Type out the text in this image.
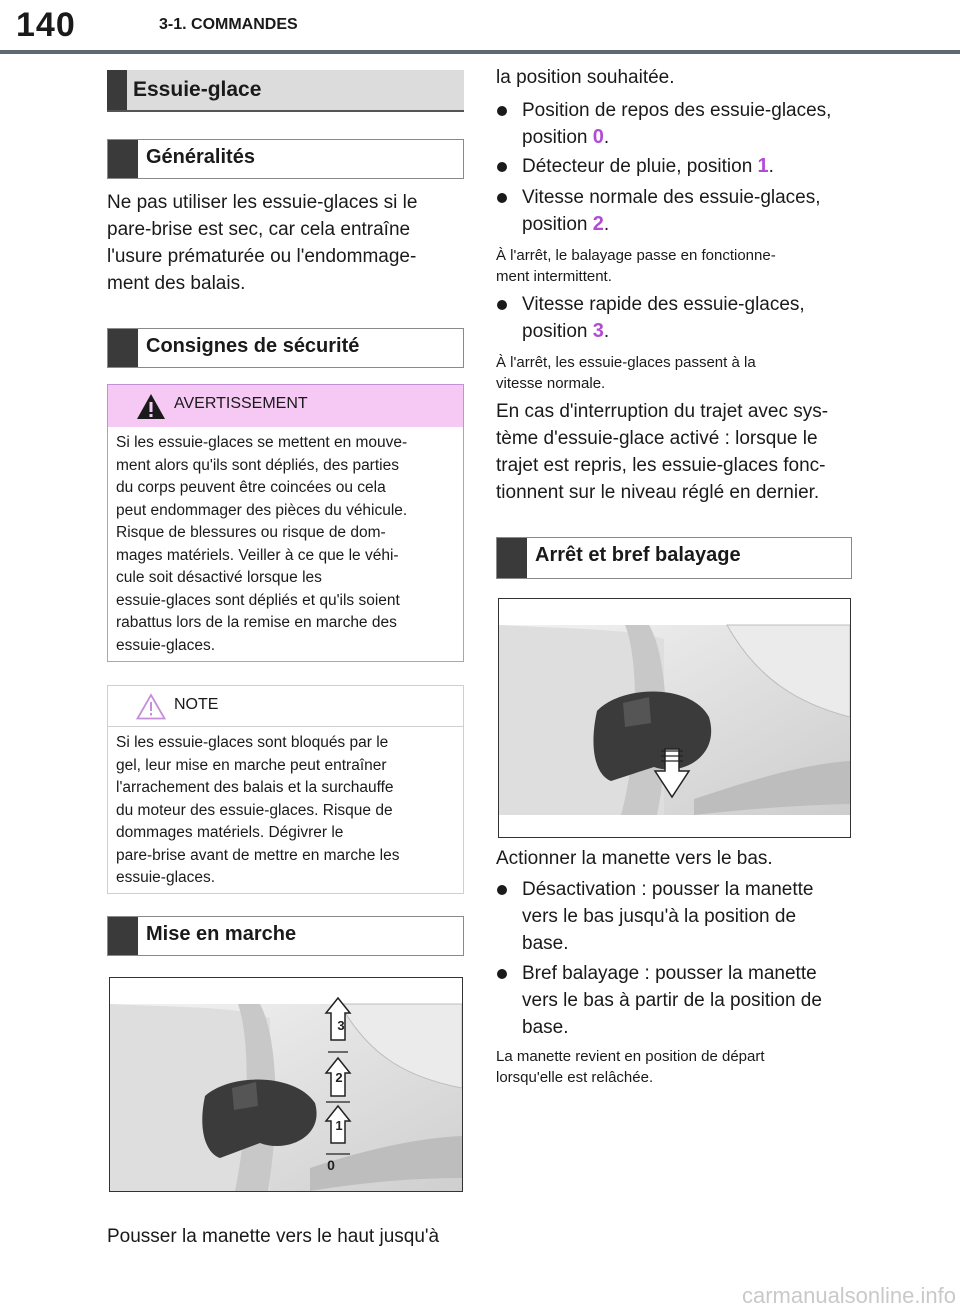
140	3-1. COMMANDES
Essuie-glace
Généralités
Ne pas utiliser les essuie-glaces si le
pare-brise est sec, car cela entraîne
l'usure prématurée ou l'endommage-
ment des balais.
Consignes de sécurité
AVERTISSEMENT
Si les essuie-glaces se mettent en mouve-
ment alors qu'ils sont dépliés, des parties
du corps peuvent être coincées ou cela
peut endommager des pièces du véhicule.
Risque de blessures ou risque de dom-
mages matériels. Veiller à ce que le véhi-
cule soit désactivé lorsque les
essuie-glaces sont dépliés et qu'ils soient
rabattus lors de la remise en marche des
essuie-glaces.
NOTE
Si les essuie-glaces sont bloqués par le
gel, leur mise en marche peut entraîner
l'arrachement des balais et la surchauffe
du moteur des essuie-glaces. Risque de
dommages matériels. Dégivrer le
pare-brise avant de mettre en marche les
essuie-glaces.
Mise en marche
3
2
1
0
Pousser la manette vers le haut jusqu'à
la position souhaitée.
Position de repos des essuie-glaces,
position 0.
Détecteur de pluie, position 1.
Vitesse normale des essuie-glaces,
position 2.
À l'arrêt, le balayage passe en fonctionne-
ment intermittent.
Vitesse rapide des essuie-glaces,
position 3.
À l'arrêt, les essuie-glaces passent à la
vitesse normale.
En cas d'interruption du trajet avec sys-
tème d'essuie-glace activé : lorsque le
trajet est repris, les essuie-glaces fonc-
tionnent sur le niveau réglé en dernier.
Arrêt et bref balayage
Actionner la manette vers le bas.
Désactivation : pousser la manette
vers le bas jusqu'à la position de
base.
Bref balayage : pousser la manette
vers le bas à partir de la position de
base.
La manette revient en position de départ
lorsqu'elle est relâchée.
carmanualsonline.info
